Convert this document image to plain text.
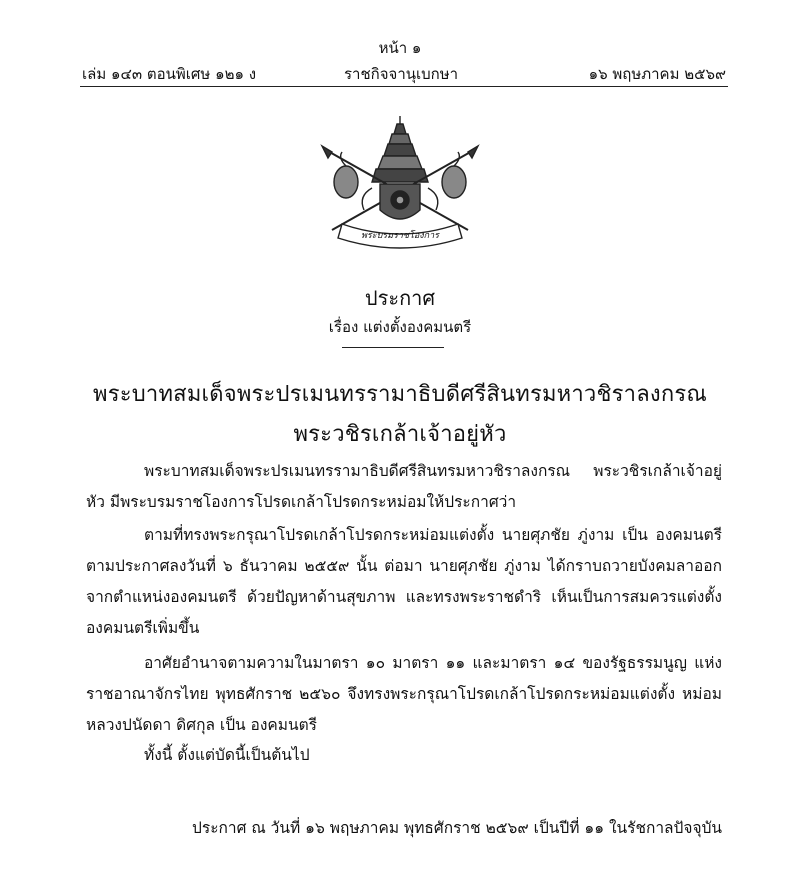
หน้า ๑
เล่ม ๑๔๓ ตอนพิเศษ ๑๒๑ ง	ราชกิจจานุเบกษา	๑๖ พฤษภาคม ๒๕๖๙
พระบรมราชโองการ
ประกาศ
เรื่อง แต่งตั้งองคมนตรี
พระบาทสมเด็จพระปรเมนทรรามาธิบดีศรีสินทรมหาวชิราลงกรณ
พระวชิรเกล้าเจ้าอยู่หัว
พระบาทสมเด็จพระปรเมนทรรามาธิบดีศรีสินทรมหาวชิราลงกรณ พระวชิรเกล้าเจ้าอยู่หัว มีพระบรมราชโองการโปรดเกล้าโปรดกระหม่อมให้ประกาศว่า
ตามที่ทรงพระกรุณาโปรดเกล้าโปรดกระหม่อมแต่งตั้ง นายศุภชัย ภู่งาม เป็น องคมนตรี ตามประกาศลงวันที่ ๖ ธันวาคม ๒๕๕๙ นั้น ต่อมา นายศุภชัย ภู่งาม ได้กราบถวายบังคมลาออก จากตำแหน่งองคมนตรี ด้วยปัญหาด้านสุขภาพ และทรงพระราชดำริ เห็นเป็นการสมควรแต่งตั้ง องคมนตรีเพิ่มขึ้น
อาศัยอำนาจตามความในมาตรา ๑๐ มาตรา ๑๑ และมาตรา ๑๔ ของรัฐธรรมนูญ แห่งราชอาณาจักรไทย พุทธศักราช ๒๕๖๐ จึงทรงพระกรุณาโปรดเกล้าโปรดกระหม่อมแต่งตั้ง หม่อมหลวงปนัดดา ดิศกุล เป็น องคมนตรี
ทั้งนี้ ตั้งแต่บัดนี้เป็นต้นไป
ประกาศ ณ วันที่ ๑๖ พฤษภาคม พุทธศักราช ๒๕๖๙ เป็นปีที่ ๑๑ ในรัชกาลปัจจุบัน
